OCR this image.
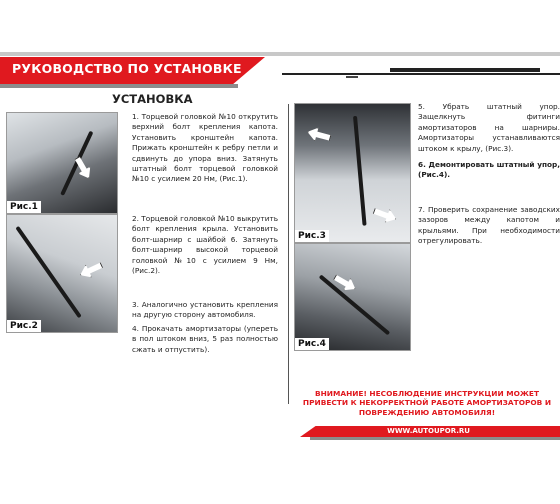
РУКОВОДСТВО ПО УСТАНОВКЕ
УСТАНОВКА
Рис.1
Рис.2
Рис.3
Рис.4
1. Торцевой головкой №10 открутить верхний болт крепления капота. Установить кронштейн капота. Прижать кронштейн к ребру петли и сдвинуть до упора вниз. Затянуть штатный болт торцевой головкой №10 с усилием 20 Нм, (Рис.1).
2. Торцевой головкой №10 выкрутить болт крепления крыла. Установить болт-шарнир с шайбой 6. Затянуть болт-шарнир высокой торцевой головкой №10 с усилием 9 Нм, (Рис.2).
3. Аналогично установить крепления на другую сторону автомобиля.
4. Прокачать амортизаторы (упереть в пол штоком вниз, 5 раз полностью сжать и отпустить).
5. Убрать штатный упор. Защелкнуть фитинги амортизаторов на шарниры. Амортизаторы устанавливаются штоком к крылу, (Рис.3).
6. Демонтировать штатный упор, (Рис.4).
7. Проверить сохранение заводских зазоров между капотом и крыльями. При необходимости отрегулировать.
ВНИМАНИЕ! НЕСОБЛЮДЕНИЕ ИНСТРУКЦИИ МОЖЕТ ПРИВЕСТИ К НЕКОРРЕКТНОЙ РАБОТЕ АМОРТИЗАТОРОВ И ПОВРЕЖДЕНИЮ АВТОМОБИЛЯ!
WWW.AUTOUPOR.RU
